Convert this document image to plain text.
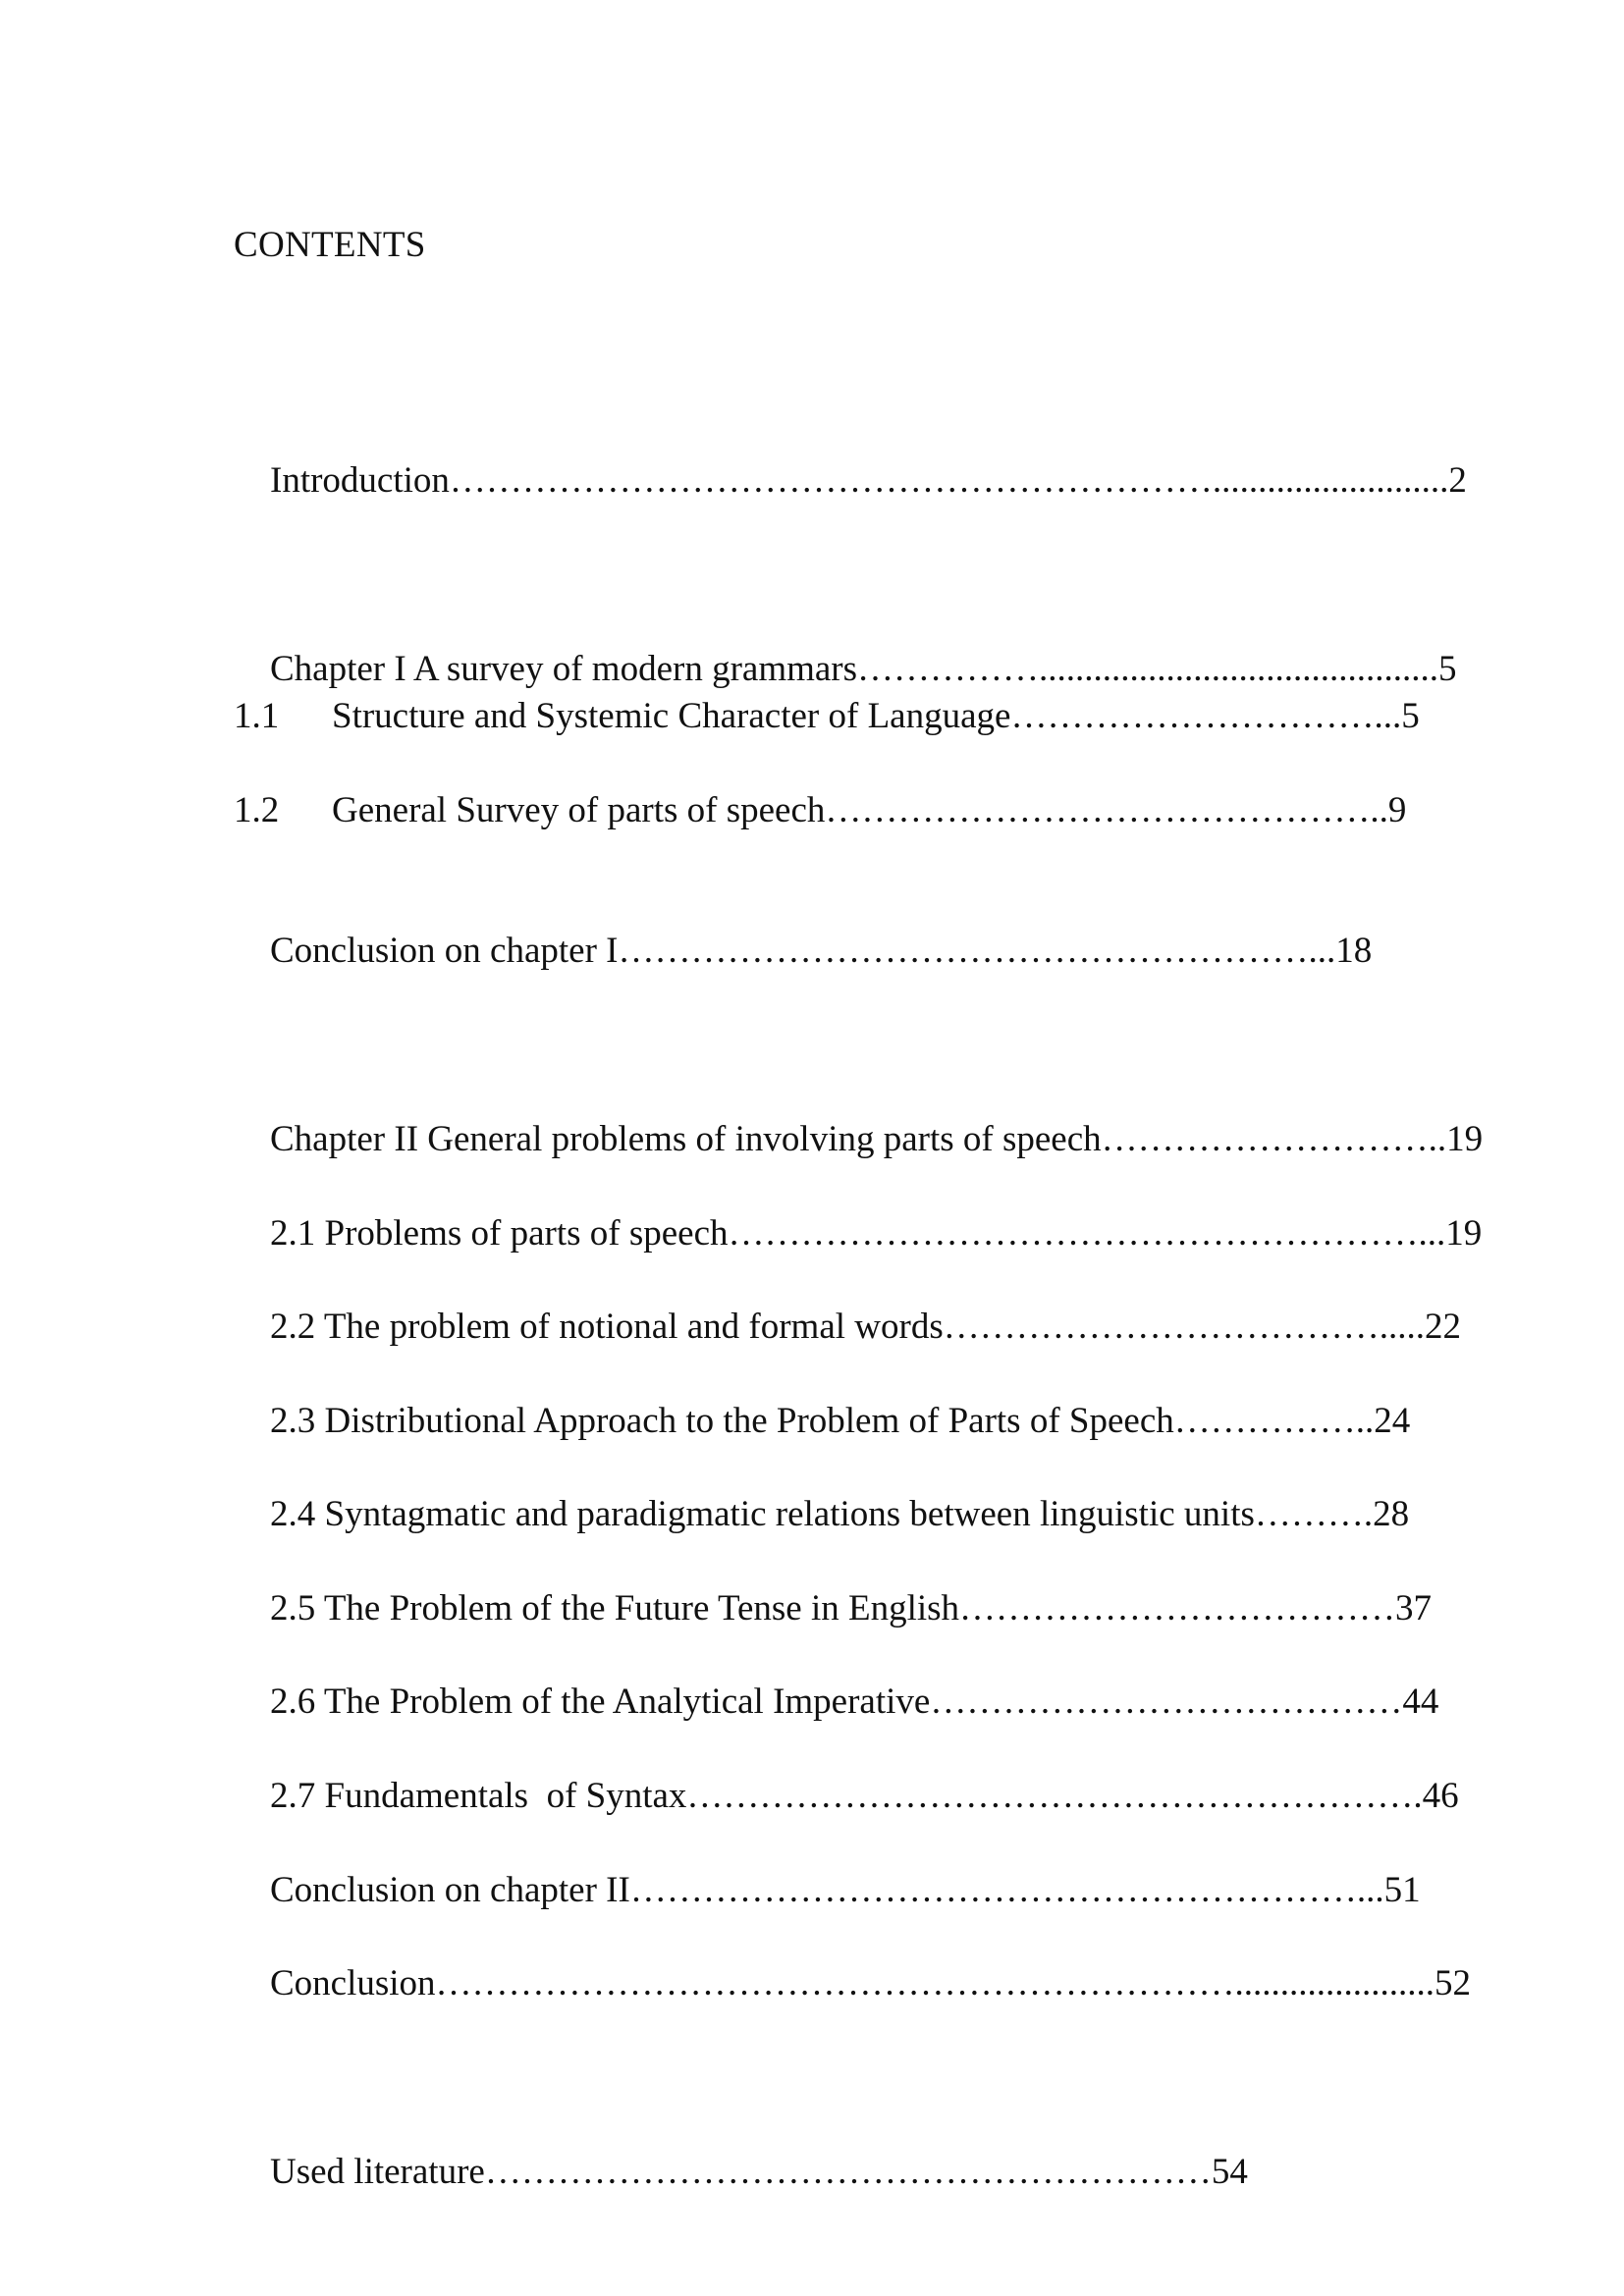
CONTENTS

Introduction………………………………………………………..........................2

Chapter I A survey of modern grammars……………............................................5

1.1 Structure and Systemic Character of Language…………………………...5
1.2 General Survey of parts of speech………………………………………..9

Conclusion on chapter I…………………………………………………...18

Chapter II General problems of involving parts of speech………………………..19

2.1 Problems of parts of speech…………………………………………………...19

2.2 The problem of notional and formal words……………………………….....22

2.3 Distributional Approach to the Problem of Parts of Speech……………..24

2.4 Syntagmatic and paradigmatic relations between linguistic units……….28

2.5 The Problem of the Future Tense in English………………………………37

2.6 The Problem of the Analytical Imperative…………………………………44

2.7 Fundamentals  of Syntax…………………………………………………….46

Conclusion on chapter II……………………………………………………...51

Conclusion…………………………………………………………......................52

Used literature……………………………………………………54
